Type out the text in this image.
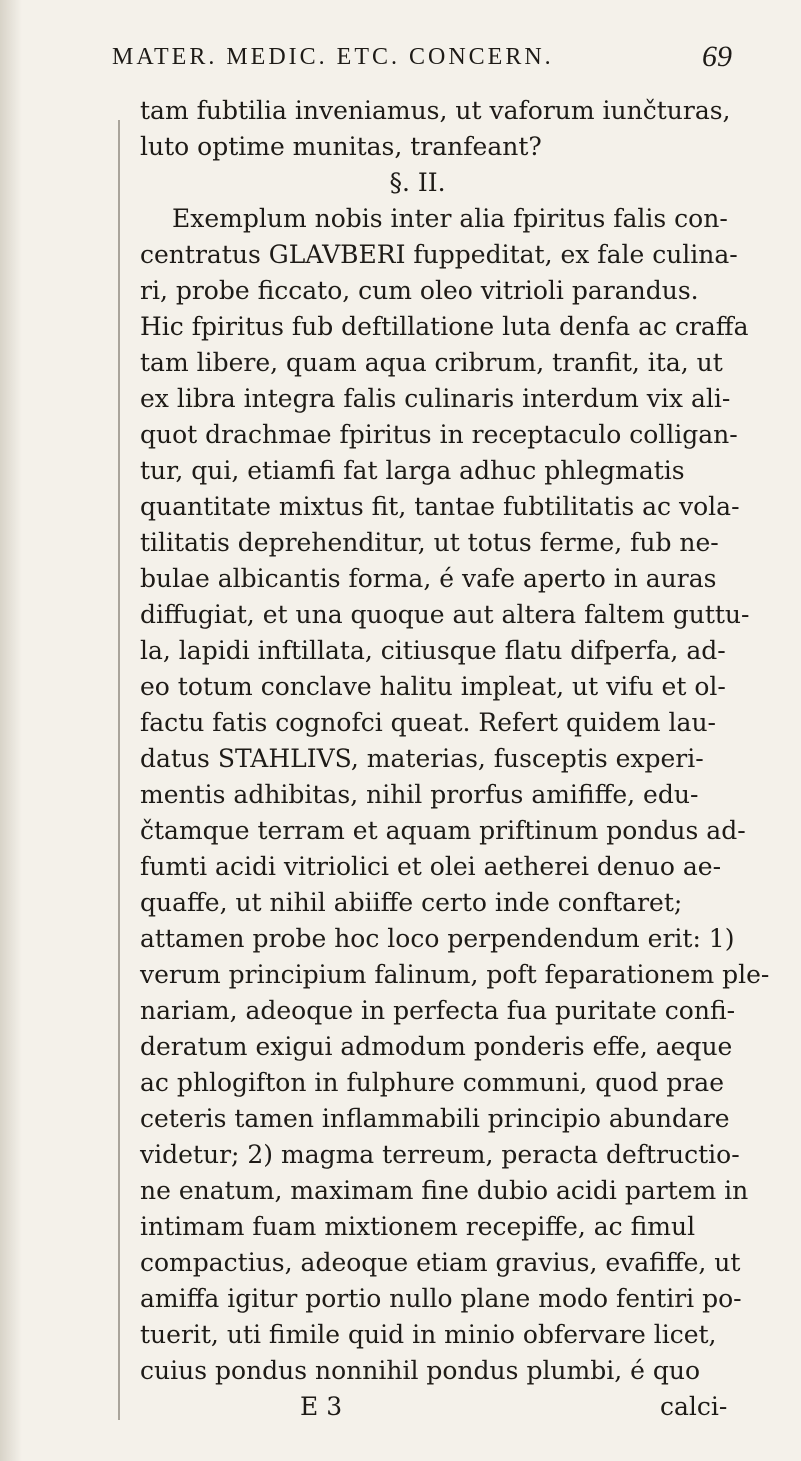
MATER. MEDIC. ETC. CONCERN.	69
tam fubtilia inveniamus, ut vaforum iunčturas,
luto optime munitas, tranfeant?
§. II.
Exemplum nobis inter alia fpiritus falis con-
centratus GLAVBERI fuppeditat, ex fale culina-
ri, probe ficcato, cum oleo vitrioli parandus.
Hic fpiritus fub deftillatione luta denfa ac craffa
tam libere, quam aqua cribrum, tranfit, ita, ut
ex libra integra falis culinaris interdum vix ali-
quot drachmae fpiritus in receptaculo colligan-
tur, qui, etiamfi fat larga adhuc phlegmatis
quantitate mixtus fit, tantae fubtilitatis ac vola-
tilitatis deprehenditur, ut totus ferme, fub ne-
bulae albicantis forma, é vafe aperto in auras
diffugiat, et una quoque aut altera faltem guttu-
la, lapidi inftillata, citiusque flatu difperfa, ad-
eo totum conclave halitu impleat, ut vifu et ol-
factu fatis cognofci queat. Refert quidem lau-
datus STAHLIVS, materias, fusceptis experi-
mentis adhibitas, nihil prorfus amififfe, edu-
čtamque terram et aquam priftinum pondus ad-
fumti acidi vitriolici et olei aetherei denuo ae-
quaffe, ut nihil abiiffe certo inde conftaret;
attamen probe hoc loco perpendendum erit: 1)
verum principium falinum, poft feparationem ple-
nariam, adeoque in perfecta fua puritate confi-
deratum exigui admodum ponderis effe, aeque
ac phlogifton in fulphure communi, quod prae
ceteris tamen inflammabili principio abundare
videtur; 2) magma terreum, peracta deftructio-
ne enatum, maximam fine dubio acidi partem in
intimam fuam mixtionem recepiffe, ac fimul
compactius, adeoque etiam gravius, evafiffe, ut
amiffa igitur portio nullo plane modo fentiri po-
tuerit, uti fimile quid in minio obfervare licet,
cuius pondus nonnihil pondus plumbi, é quo
E 3	calci-
